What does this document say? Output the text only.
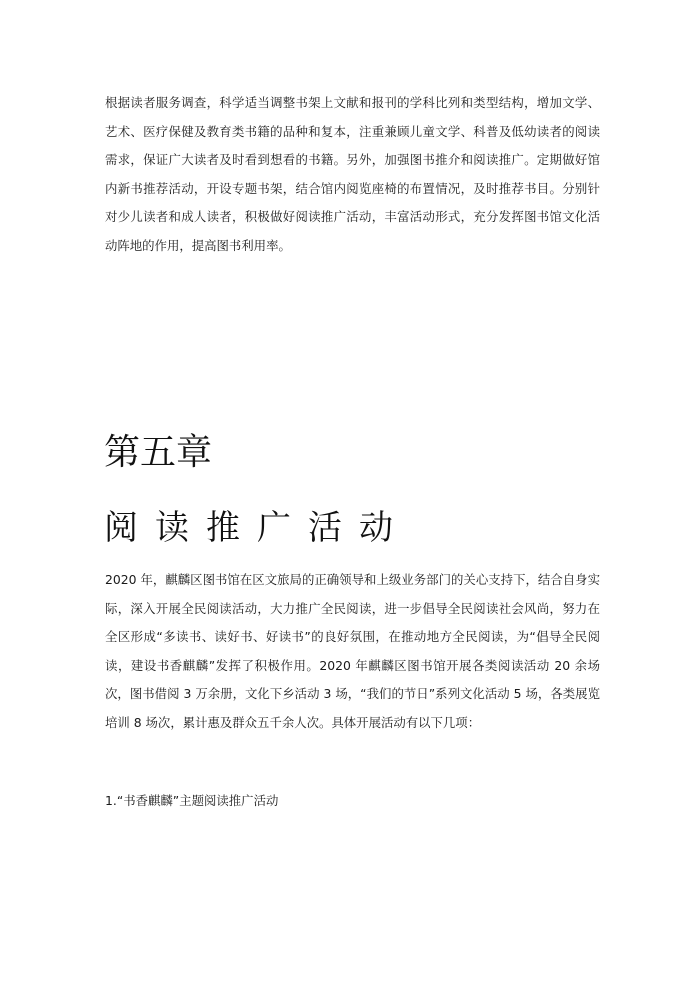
根据读者服务调查，科学适当调整书架上文献和报刊的学科比列和类型结构，增加文学、艺术、医疗保健及教育类书籍的品种和复本，注重兼顾儿童文学、科普及低幼读者的阅读需求，保证广大读者及时看到想看的书籍。另外，加强图书推介和阅读推广。定期做好馆内新书推荐活动，开设专题书架，结合馆内阅览座椅的布置情况，及时推荐书目。分别针对少儿读者和成人读者，积极做好阅读推广活动，丰富活动形式，充分发挥图书馆文化活动阵地的作用，提高图书利用率。

第五章
阅读推广活动

2020 年，麒麟区图书馆在区文旅局的正确领导和上级业务部门的关心支持下，结合自身实际，深入开展全民阅读活动，大力推广全民阅读，进一步倡导全民阅读社会风尚，努力在全区形成“多读书、读好书、好读书”的良好氛围，在推动地方全民阅读，为“倡导全民阅读，建设书香麒麟”发挥了积极作用。2020 年麒麟区图书馆开展各类阅读活动 20 余场次，图书借阅 3 万余册，文化下乡活动 3 场，“我们的节日”系列文化活动 5 场，各类展览培训 8 场次，累计惠及群众五千余人次。具体开展活动有以下几项：

1.“书香麒麟”主题阅读推广活动
